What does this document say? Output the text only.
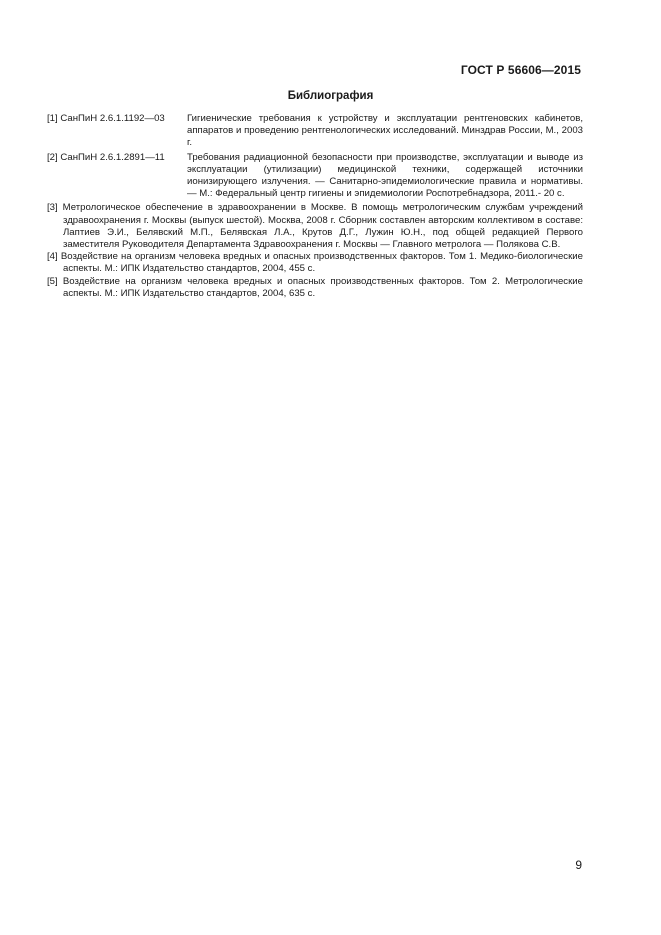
ГОСТ Р 56606—2015
Библиография
[1] СанПиН 2.6.1.1192—03	Гигиенические требования к устройству и эксплуатации рентгеновских кабинетов, аппаратов и проведению рентгенологических исследований. Минздрав России, М., 2003 г.
[2] СанПиН 2.6.1.2891—11	Требования радиационной безопасности при производстве, эксплуатации и выводе из эксплуатации (утилизации) медицинской техники, содержащей источники ионизирующего излучения. — Санитарно-эпидемиологические правила и нормативы. — М.: Федеральный центр гигиены и эпидемиологии Роспотребнадзора, 2011.- 20 с.

[3] Метрологическое обеспечение в здравоохранении в Москве. В помощь метрологическим службам учреждений здравоохранения г. Москвы (выпуск шестой). Москва, 2008 г. Сборник составлен авторским коллективом в составе: Лаптиев Э.И., Белявский М.П., Белявская Л.А., Крутов Д.Г., Лужин Ю.Н., под общей редакцией Первого заместителя Руководителя Департамента Здравоохранения г. Москвы — Главного метролога — Полякова С.В.

[4] Воздействие на организм человека вредных и опасных производственных факторов. Том 1. Медико-биологические аспекты. М.: ИПК Издательство стандартов, 2004, 455 с.

[5] Воздействие на организм человека вредных и опасных производственных факторов. Том 2. Метрологические аспекты. М.: ИПК Издательство стандартов, 2004, 635 с.

9
